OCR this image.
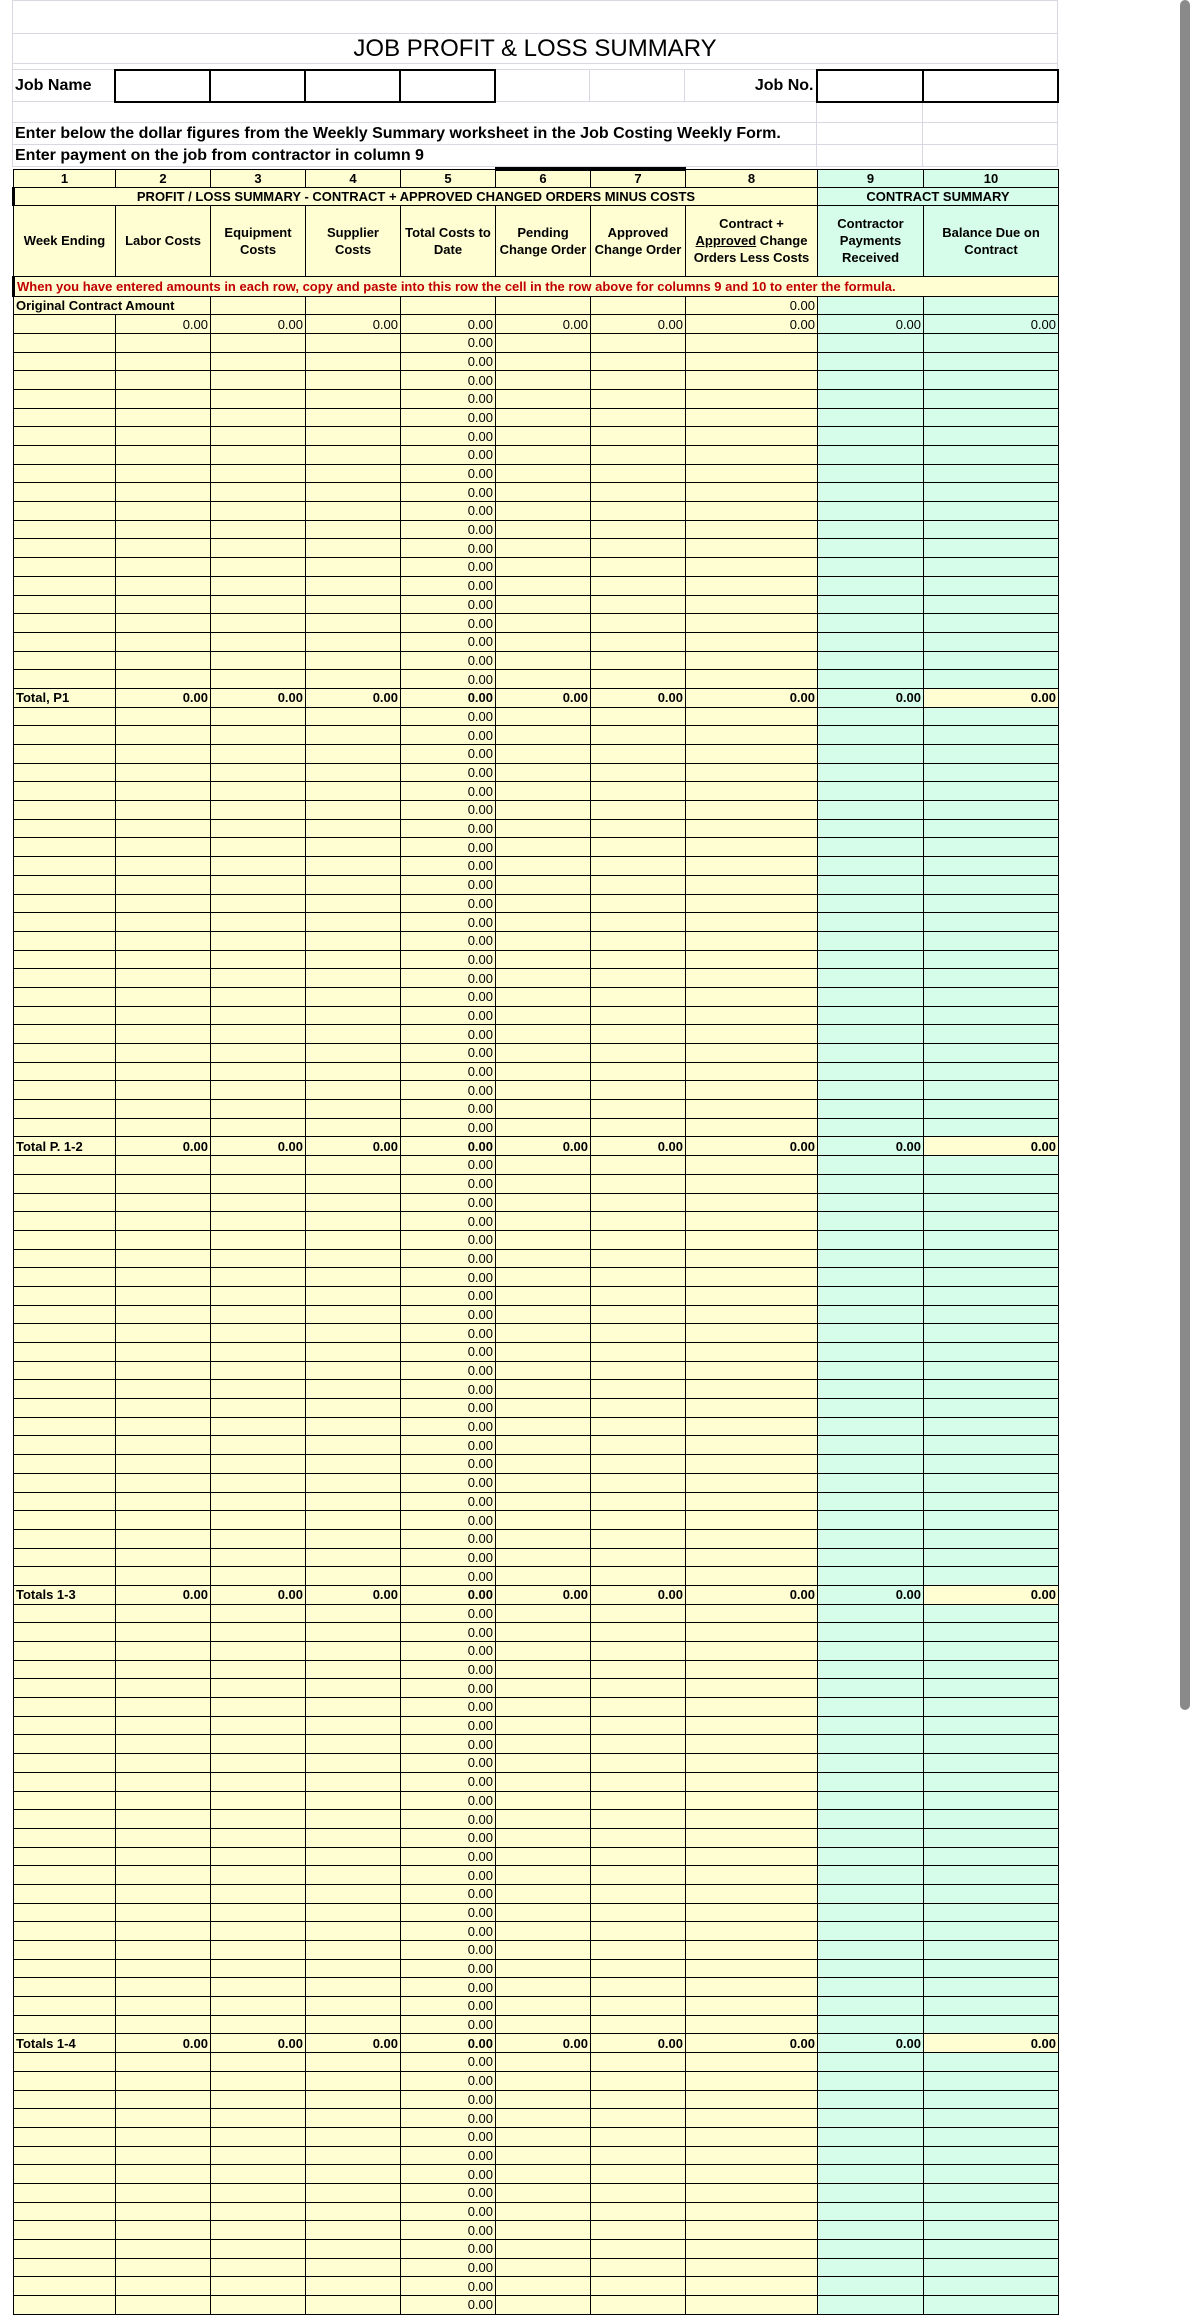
JOB PROFIT & LOSS SUMMARY									

Job Name							Job No.		

Enter below the dollar figures from the Weekly Summary worksheet in the Job Costing Weekly Form.									
Enter payment on the job from contractor in column 9									
1	2	3	4	5	6	7	8	9	10
PROFIT / LOSS SUMMARY - CONTRACT + APPROVED CHANGED ORDERS MINUS COSTS								CONTRACT SUMMARY	
Week Ending	Labor Costs	Equipment Costs	Supplier Costs	Total Costs to Date	Pending Change Order	Approved Change Order	Contract + Approved Change Orders Less Costs	Contractor Payments Received	Balance Due on Contract
When you have entered amounts in each row, copy and paste into this row the cell in the row above for columns 9 and 10 to enter the formula.									
Original Contract Amount							0.00		
	0.00	0.00	0.00	0.00	0.00	0.00	0.00	0.00	0.00
				0.00					
				0.00					
				0.00					
				0.00					
				0.00					
				0.00					
				0.00					
				0.00					
				0.00					
				0.00					
				0.00					
				0.00					
				0.00					
				0.00					
				0.00					
				0.00					
				0.00					
				0.00					
				0.00					
Total, P1	0.00	0.00	0.00	0.00	0.00	0.00	0.00	0.00	0.00
				0.00					
				0.00					
				0.00					
				0.00					
				0.00					
				0.00					
				0.00					
				0.00					
				0.00					
				0.00					
				0.00					
				0.00					
				0.00					
				0.00					
				0.00					
				0.00					
				0.00					
				0.00					
				0.00					
				0.00					
				0.00					
				0.00					
				0.00					
Total P. 1-2	0.00	0.00	0.00	0.00	0.00	0.00	0.00	0.00	0.00
				0.00					
				0.00					
				0.00					
				0.00					
				0.00					
				0.00					
				0.00					
				0.00					
				0.00					
				0.00					
				0.00					
				0.00					
				0.00					
				0.00					
				0.00					
				0.00					
				0.00					
				0.00					
				0.00					
				0.00					
				0.00					
				0.00					
				0.00					
Totals 1-3	0.00	0.00	0.00	0.00	0.00	0.00	0.00	0.00	0.00
				0.00					
				0.00					
				0.00					
				0.00					
				0.00					
				0.00					
				0.00					
				0.00					
				0.00					
				0.00					
				0.00					
				0.00					
				0.00					
				0.00					
				0.00					
				0.00					
				0.00					
				0.00					
				0.00					
				0.00					
				0.00					
				0.00					
				0.00					
Totals 1-4	0.00	0.00	0.00	0.00	0.00	0.00	0.00	0.00	0.00
				0.00					
				0.00					
				0.00					
				0.00					
				0.00					
				0.00					
				0.00					
				0.00					
				0.00					
				0.00					
				0.00					
				0.00					
				0.00					
				0.00					
